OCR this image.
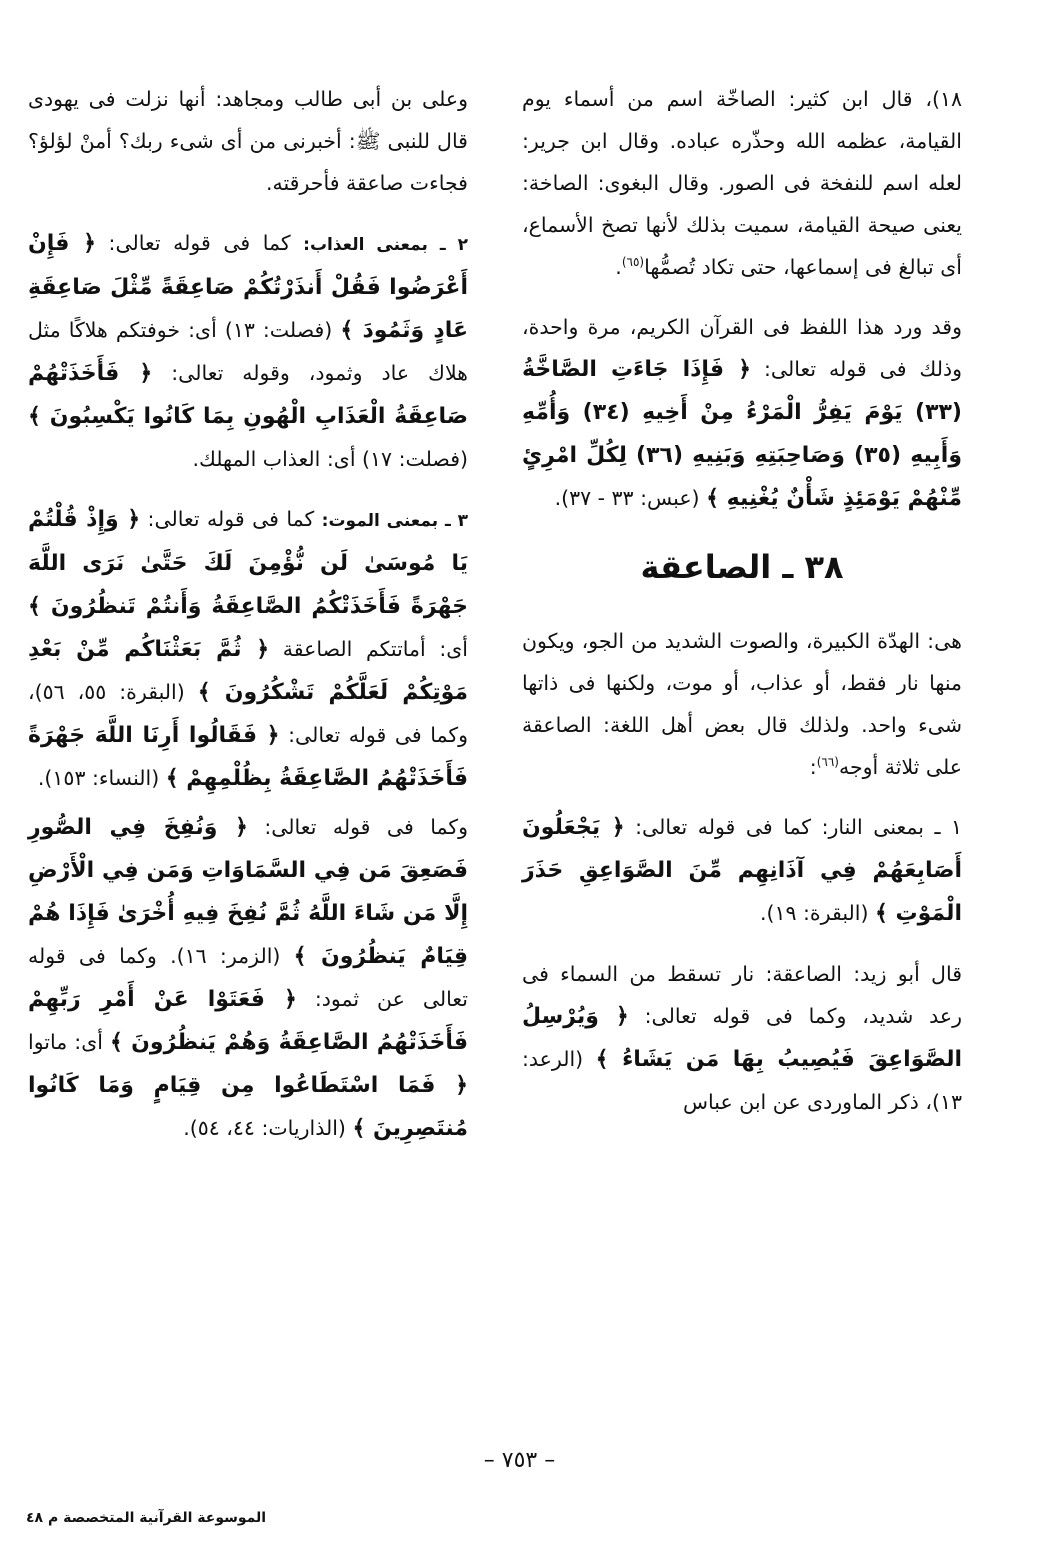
١٨)، قال ابن كثير: الصاخّة اسم من أسماء يوم القيامة، عظمه الله وحذّره عباده. وقال ابن جرير: لعله اسم للنفخة فى الصور. وقال البغوى: الصاخة: يعنى صيحة القيامة، سميت بذلك لأنها تصخ الأسماع، أى تبالغ فى إسماعها، حتى تكاد تُصمُّها$^{(٦٥)}$.

وقد ورد هذا اللفظ فى القرآن الكريم، مرة واحدة، وذلك فى قوله تعالى: ﴿ فَإِذَا جَاءَتِ الصَّاخَّةُ (٣٣) يَوْمَ يَفِرُّ الْمَرْءُ مِنْ أَخِيهِ (٣٤) وَأُمِّهِ وَأَبِيهِ (٣٥) وَصَاحِبَتِهِ وَبَنِيهِ (٣٦) لِكُلِّ امْرِئٍ مِّنْهُمْ يَوْمَئِذٍ شَأْنٌ يُغْنِيهِ ﴾ (عبس: ٣٣ - ٣٧).

٣٨ ـ الصاعقة

هى: الهدّة الكبيرة، والصوت الشديد من الجو، ويكون منها نار فقط، أو عذاب، أو موت، ولكنها فى ذاتها شىء واحد. ولذلك قال بعض أهل اللغة: الصاعقة على ثلاثة أوجه$^{(٦٦)}$:

١ ـ بمعنى النار: كما فى قوله تعالى: ﴿ يَجْعَلُونَ أَصَابِعَهُمْ فِي آذَانِهِم مِّنَ الصَّوَاعِقِ حَذَرَ الْمَوْتِ ﴾ (البقرة: ١٩).

قال أبو زيد: الصاعقة: نار تسقط من السماء فى رعد شديد، وكما فى قوله تعالى: ﴿ وَيُرْسِلُ الصَّوَاعِقَ فَيُصِيبُ بِهَا مَن يَشَاءُ ﴾ (الرعد: ١٣)، ذكر الماوردى عن ابن عباس

وعلى بن أبى طالب ومجاهد: أنها نزلت فى يهودى قال للنبى ﷺ: أخبرنى من أى شىء ربك؟ أمنْ لؤلؤ؟ فجاءت صاعقة فأحرقته.

٢ ـ بمعنى العذاب: كما فى قوله تعالى: ﴿ فَإِنْ أَعْرَضُوا فَقُلْ أَنذَرْتُكُمْ صَاعِقَةً مِّثْلَ صَاعِقَةِ عَادٍ وَثَمُودَ ﴾ (فصلت: ١٣) أى: خوفتكم هلاكًا مثل هلاك عاد وثمود، وقوله تعالى: ﴿ فَأَخَذَتْهُمْ صَاعِقَةُ الْعَذَابِ الْهُونِ بِمَا كَانُوا يَكْسِبُونَ ﴾ (فصلت: ١٧) أى: العذاب المهلك.

٣ ـ بمعنى الموت: كما فى قوله تعالى: ﴿ وَإِذْ قُلْتُمْ يَا مُوسَىٰ لَن نُّؤْمِنَ لَكَ حَتَّىٰ نَرَى اللَّهَ جَهْرَةً فَأَخَذَتْكُمُ الصَّاعِقَةُ وَأَنتُمْ تَنظُرُونَ ﴾ أى: أماتتكم الصاعقة ﴿ ثُمَّ بَعَثْنَاكُم مِّنْ بَعْدِ مَوْتِكُمْ لَعَلَّكُمْ تَشْكُرُونَ ﴾ (البقرة: ٥٥، ٥٦)، وكما فى قوله تعالى: ﴿ فَقَالُوا أَرِنَا اللَّهَ جَهْرَةً فَأَخَذَتْهُمُ الصَّاعِقَةُ بِظُلْمِهِمْ ﴾ (النساء: ١٥٣).

وكما فى قوله تعالى: ﴿ وَنُفِخَ فِي الصُّورِ فَصَعِقَ مَن فِي السَّمَاوَاتِ وَمَن فِي الْأَرْضِ إِلَّا مَن شَاءَ اللَّهُ ثُمَّ نُفِخَ فِيهِ أُخْرَىٰ فَإِذَا هُمْ قِيَامٌ يَنظُرُونَ ﴾ (الزمر: ١٦). وكما فى قوله تعالى عن ثمود: ﴿ فَعَتَوْا عَنْ أَمْرِ رَبِّهِمْ فَأَخَذَتْهُمُ الصَّاعِقَةُ وَهُمْ يَنظُرُونَ ﴾ أى: ماتوا ﴿ فَمَا اسْتَطَاعُوا مِن قِيَامٍ وَمَا كَانُوا مُنتَصِرِينَ ﴾ (الذاريات: ٤٤، ٥٤).

– ٧٥٣ –
الموسوعة القرآنية المتخصصة م ٤٨
